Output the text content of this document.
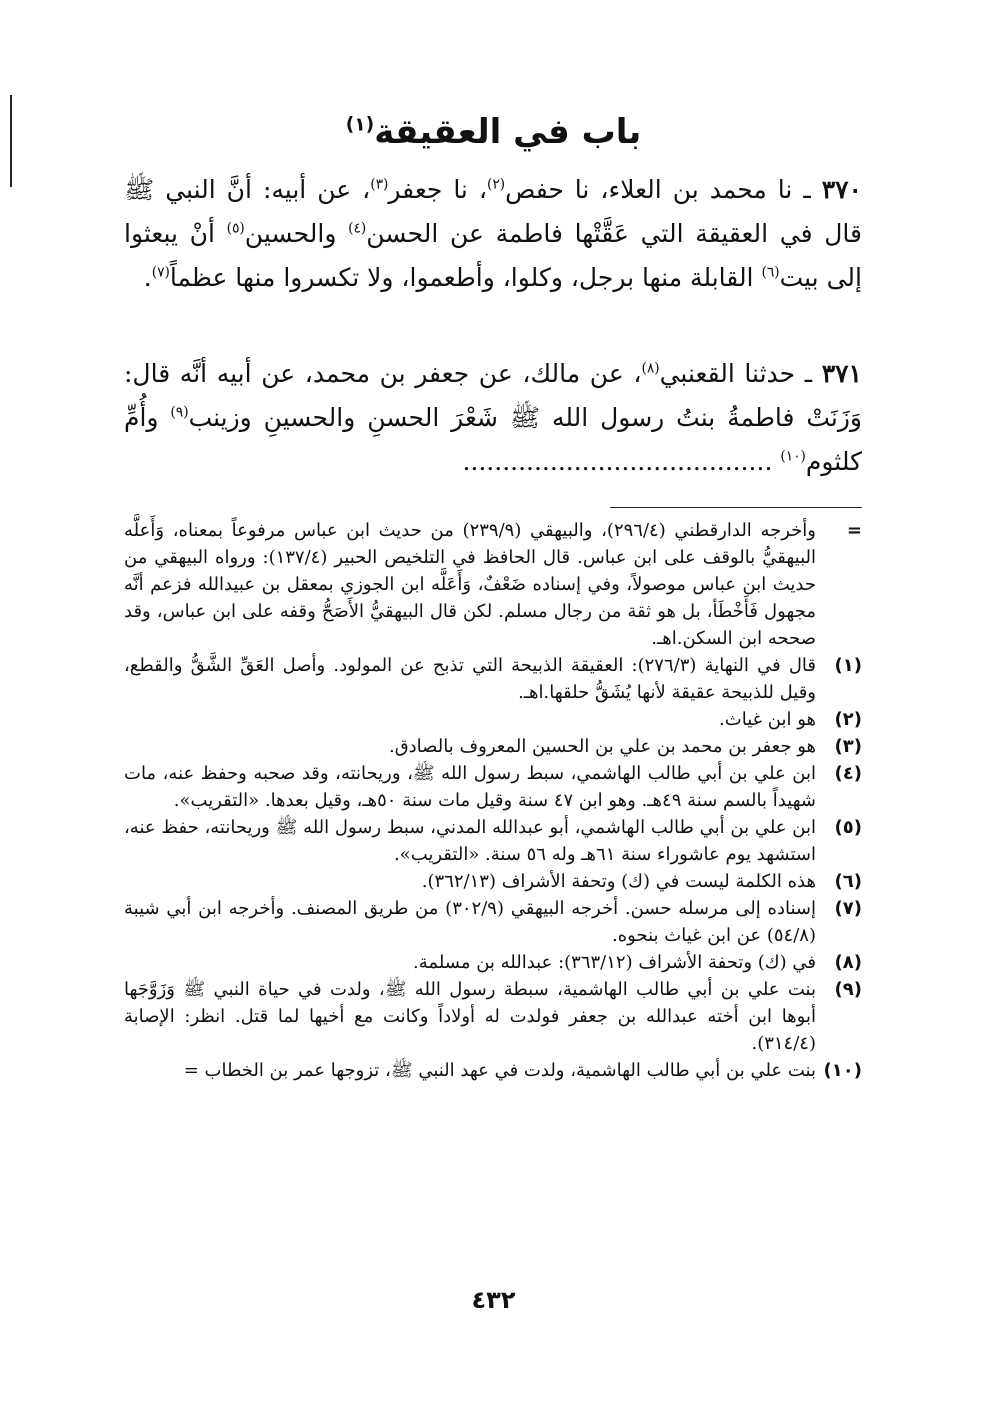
باب في العقيقة$^{(١)}$
٣٧٠ ـ نا محمد بن العلاء، نا حفص$^{(٢)}$، نا جعفر$^{(٣)}$، عن أبيه: أنَّ النبي ﷺ قال في العقيقة التي عَقَّتْها فاطمة عن الحسن$^{(٤)}$ والحسين$^{(٥)}$ أنْ يبعثوا إلى بيت$^{(٦)}$ القابلة منها برجل، وكلوا، وأطعموا، ولا تكسروا منها عظماً$^{(٧)}$.
٣٧١ ـ حدثنا القعنبي$^{(٨)}$، عن مالك، عن جعفر بن محمد، عن أبيه أنَّه قال: وَزَنَتْ فاطمةُ بنتُ رسول الله ﷺ شَعْرَ الحسنِ والحسينِ وزينب$^{(٩)}$ وأُمِّ كلثوم$^{(١٠)}$ .......................................
=
وأخرجه الدارقطني (٢٩٦/٤)، والبيهقي (٢٣٩/٩) من حديث ابن عباس مرفوعاً بمعناه، وَأَعلَّه البيهقيُّ بالوقف على ابن عباس. قال الحافظ في التلخيص الحبير (١٣٧/٤): ورواه البيهقي من حديث ابن عباس موصولاً، وفي إسناده ضَعْفٌ، وَأَعَلَّه ابن الجوزي بمعقل بن عبيدالله فزعم أنَّه مجهول فَأَخْطَأ، بل هو ثقة من رجال مسلم. لكن قال البيهقيُّ الأَصَحُّ وقفه على ابن عباس، وقد صححه ابن السكن.اهـ.
(١)
قال في النهاية (٢٧٦/٣): العقيقة الذبيحة التي تذبح عن المولود. وأصل العَقِّ الشَّقُّ والقطع، وقيل للذبيحة عقيقة لأنها يُشَقُّ حلقها.اهـ.
(٢)
هو ابن غياث.
(٣)
هو جعفر بن محمد بن علي بن الحسين المعروف بالصادق.
(٤)
ابن علي بن أبي طالب الهاشمي، سبط رسول الله ﷺ، وريحانته، وقد صحبه وحفظ عنه، مات شهيداً بالسم سنة ٤٩هـ. وهو ابن ٤٧ سنة وقيل مات سنة ٥٠هـ، وقيل بعدها. «التقريب».
(٥)
ابن علي بن أبي طالب الهاشمي، أبو عبدالله المدني، سبط رسول الله ﷺ وريحانته، حفظ عنه، استشهد يوم عاشوراء سنة ٦١هـ وله ٥٦ سنة. «التقريب».
(٦)
هذه الكلمة ليست في (ك) وتحفة الأشراف (٣٦٢/١٣).
(٧)
إسناده إلى مرسله حسن. أخرجه البيهقي (٣٠٢/٩) من طريق المصنف. وأخرجه ابن أبي شيبة (٥٤/٨) عن ابن غياث بنحوه.
(٨)
في (ك) وتحفة الأشراف (٣٦٣/١٢): عبدالله بن مسلمة.
(٩)
بنت علي بن أبي طالب الهاشمية، سبطة رسول الله ﷺ، ولدت في حياة النبي ﷺ وَزَوَّجَها أبوها ابن أخته عبدالله بن جعفر فولدت له أولاداً وكانت مع أخيها لما قتل. انظر: الإصابة (٣١٤/٤).
(١٠)
بنت علي بن أبي طالب الهاشمية، ولدت في عهد النبي ﷺ، تزوجها عمر بن الخطاب =
٤٣٢
